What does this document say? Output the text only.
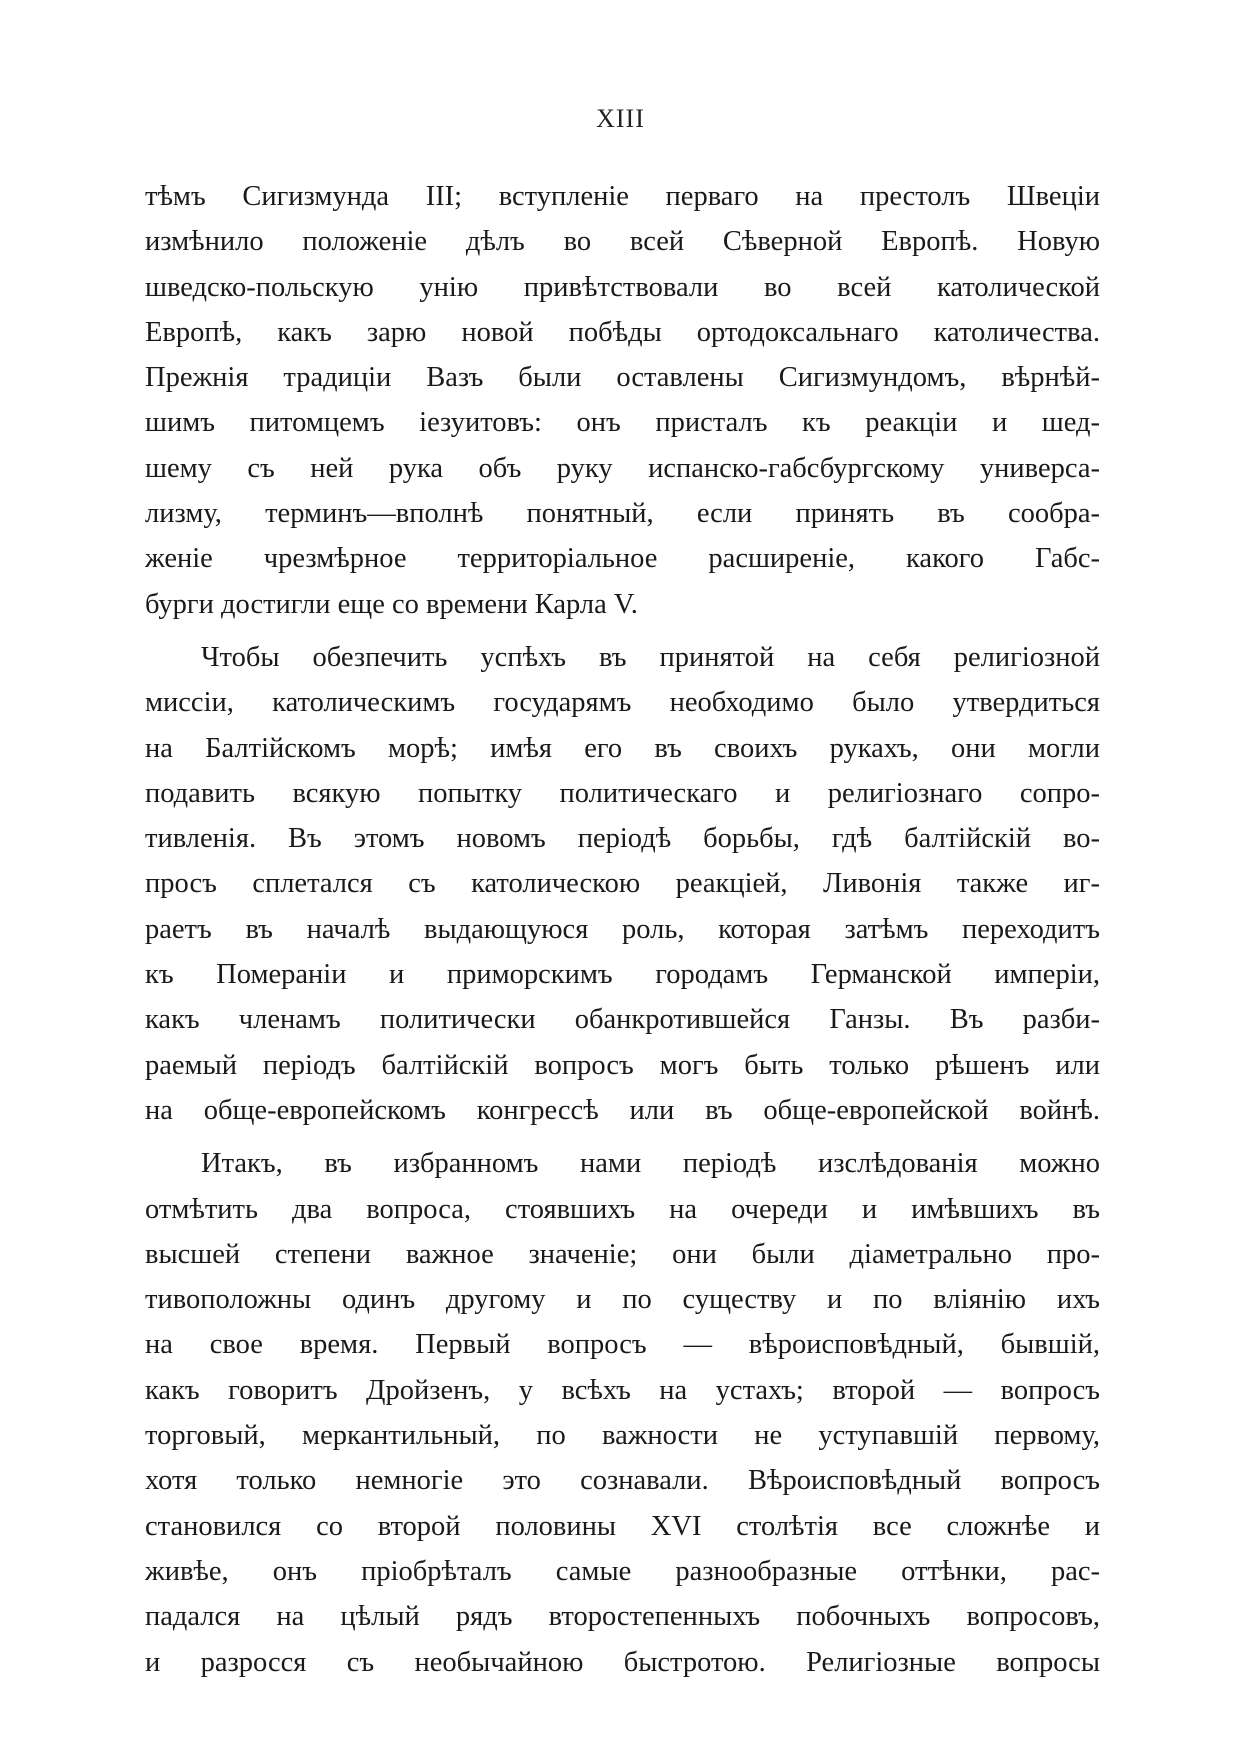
XIII
тѣмъ Сигизмунда III; вступленіе перваго на престолъ Швеціи
измѣнило положеніе дѣлъ во всей Сѣверной Европѣ. Новую
шведско-польскую унію привѣтствовали во всей католической
Европѣ, какъ зарю новой побѣды ортодоксальнаго католичества.
Прежнія традиціи Вазъ были оставлены Сигизмундомъ, вѣрнѣй-
шимъ питомцемъ іезуитовъ: онъ присталъ къ реакціи и шед-
шему съ ней рука объ руку испанско-габсбургскому универса-
лизму, терминъ—вполнѣ понятный, если принять въ сообра-
женіе чрезмѣрное территоріальное расширеніе, какого Габс-
бурги достигли еще со времени Карла V.
Чтобы обезпечить успѣхъ въ принятой на себя религіозной
миссіи, католическимъ государямъ необходимо было утвердиться
на Балтійскомъ морѣ; имѣя его въ своихъ рукахъ, они могли
подавить всякую попытку политическаго и религіознаго сопро-
тивленія. Въ этомъ новомъ періодѣ борьбы, гдѣ балтійскій во-
просъ сплетался съ католическою реакціей, Ливонія также иг-
раетъ въ началѣ выдающуюся роль, которая затѣмъ переходитъ
къ Помераніи и приморскимъ городамъ Германской имперіи,
какъ членамъ политически обанкротившейся Ганзы. Въ разби-
раемый періодъ балтійскій вопросъ могъ быть только рѣшенъ или
на обще-европейскомъ конгрессѣ или въ обще-европейской войнѣ.
Итакъ, въ избранномъ нами періодѣ изслѣдованія можно
отмѣтить два вопроса, стоявшихъ на очереди и имѣвшихъ въ
высшей степени важное значеніе; они были діаметрально про-
тивоположны одинъ другому и по существу и по вліянію ихъ
на свое время. Первый вопросъ — вѣроисповѣдный, бывшій,
какъ говоритъ Дройзенъ, у всѣхъ на устахъ; второй — вопросъ
торговый, меркантильный, по важности не уступавшій первому,
хотя только немногіе это сознавали. Вѣроисповѣдный вопросъ
становился со второй половины XVI столѣтія все сложнѣе и
живѣе, онъ пріобрѣталъ самые разнообразные оттѣнки, рас-
падался на цѣлый рядъ второстепенныхъ побочныхъ вопросовъ,
и разросся съ необычайною быстротою. Религіозные вопросы
